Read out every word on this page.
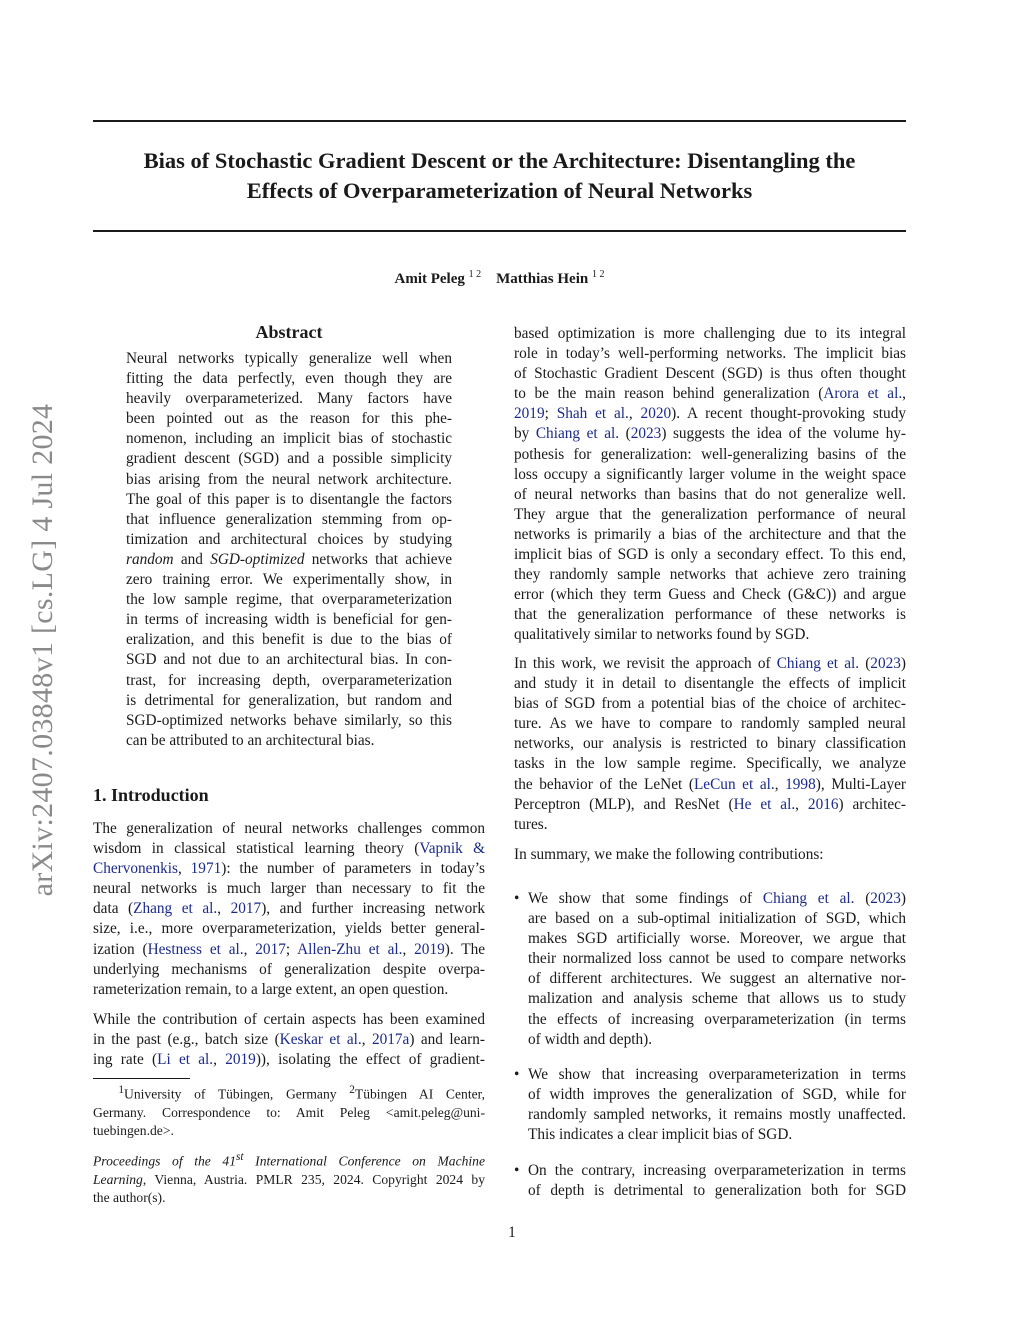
Bias of Stochastic Gradient Descent or the Architecture: Disentangling the
Effects of Overparameterization of Neural Networks
Amit Peleg $^{1 2}$ Matthias Hein $^{1 2}$
arXiv:2407.03848v1 [cs.LG] 4 Jul 2024
Abstract
Neural networks typically generalize well when
fitting the data perfectly, even though they are
heavily overparameterized. Many factors have
been pointed out as the reason for this phe-
nomenon, including an implicit bias of stochastic
gradient descent (SGD) and a possible simplicity
bias arising from the neural network architecture.
The goal of this paper is to disentangle the factors
that influence generalization stemming from op-
timization and architectural choices by studying
random and SGD-optimized networks that achieve
zero training error. We experimentally show, in
the low sample regime, that overparameterization
in terms of increasing width is beneficial for gen-
eralization, and this benefit is due to the bias of
SGD and not due to an architectural bias. In con-
trast, for increasing depth, overparameterization
is detrimental for generalization, but random and
SGD-optimized networks behave similarly, so this
can be attributed to an architectural bias.
1. Introduction
The generalization of neural networks challenges common
wisdom in classical statistical learning theory (Vapnik &
Chervonenkis, 1971): the number of parameters in today’s
neural networks is much larger than necessary to fit the
data (Zhang et al., 2017), and further increasing network
size, i.e., more overparameterization, yields better general-
ization (Hestness et al., 2017; Allen-Zhu et al., 2019). The
underlying mechanisms of generalization despite overpa-
rameterization remain, to a large extent, an open question.
While the contribution of certain aspects has been examined
in the past (e.g., batch size (Keskar et al., 2017a) and learn-
ing rate (Li et al., 2019)), isolating the effect of gradient-
$^1$University of Tübingen, Germany $^2$Tübingen AI Center,
Germany. Correspondence to: Amit Peleg <amit.peleg@uni-
tuebingen.de>.
Proceedings of the 41st International Conference on Machine
Learning, Vienna, Austria. PMLR 235, 2024. Copyright 2024 by
the author(s).
based optimization is more challenging due to its integral
role in today’s well-performing networks. The implicit bias
of Stochastic Gradient Descent (SGD) is thus often thought
to be the main reason behind generalization (Arora et al.,
2019; Shah et al., 2020). A recent thought-provoking study
by Chiang et al. (2023) suggests the idea of the volume hy-
pothesis for generalization: well-generalizing basins of the
loss occupy a significantly larger volume in the weight space
of neural networks than basins that do not generalize well.
They argue that the generalization performance of neural
networks is primarily a bias of the architecture and that the
implicit bias of SGD is only a secondary effect. To this end,
they randomly sample networks that achieve zero training
error (which they term Guess and Check (G&C)) and argue
that the generalization performance of these networks is
qualitatively similar to networks found by SGD.
In this work, we revisit the approach of Chiang et al. (2023)
and study it in detail to disentangle the effects of implicit
bias of SGD from a potential bias of the choice of architec-
ture. As we have to compare to randomly sampled neural
networks, our analysis is restricted to binary classification
tasks in the low sample regime. Specifically, we analyze
the behavior of the LeNet (LeCun et al., 1998), Multi-Layer
Perceptron (MLP), and ResNet (He et al., 2016) architec-
tures.
In summary, we make the following contributions:
• We show that some findings of Chiang et al. (2023)
are based on a sub-optimal initialization of SGD, which
makes SGD artificially worse. Moreover, we argue that
their normalized loss cannot be used to compare networks
of different architectures. We suggest an alternative nor-
malization and analysis scheme that allows us to study
the effects of increasing overparameterization (in terms
of width and depth).
• We show that increasing overparameterization in terms
of width improves the generalization of SGD, while for
randomly sampled networks, it remains mostly unaffected.
This indicates a clear implicit bias of SGD.
• On the contrary, increasing overparameterization in terms
of depth is detrimental to generalization both for SGD
1
